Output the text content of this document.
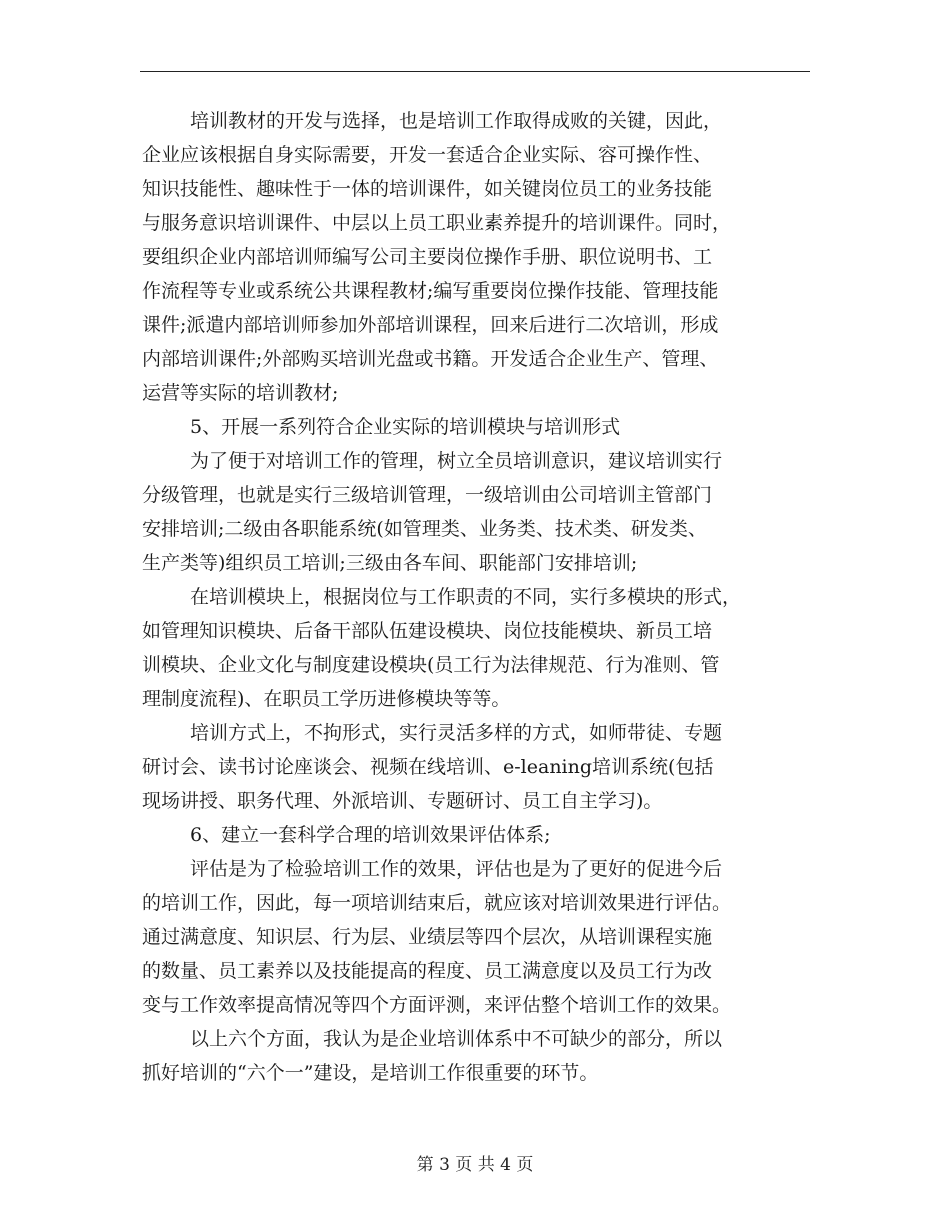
培训教材的开发与选择，也是培训工作取得成败的关键，因此，
企业应该根据自身实际需要，开发一套适合企业实际、容可操作性、
知识技能性、趣味性于一体的培训课件，如关键岗位员工的业务技能
与服务意识培训课件、中层以上员工职业素养提升的培训课件。同时，
要组织企业内部培训师编写公司主要岗位操作手册、职位说明书、工
作流程等专业或系统公共课程教材;编写重要岗位操作技能、管理技能
课件;派遣内部培训师参加外部培训课程，回来后进行二次培训，形成
内部培训课件;外部购买培训光盘或书籍。开发适合企业生产、管理、
运营等实际的培训教材;
5、开展一系列符合企业实际的培训模块与培训形式
为了便于对培训工作的管理，树立全员培训意识，建议培训实行
分级管理，也就是实行三级培训管理，一级培训由公司培训主管部门
安排培训;二级由各职能系统(如管理类、业务类、技术类、研发类、
生产类等)组织员工培训;三级由各车间、职能部门安排培训;
在培训模块上，根据岗位与工作职责的不同，实行多模块的形式，
如管理知识模块、后备干部队伍建设模块、岗位技能模块、新员工培
训模块、企业文化与制度建设模块(员工行为法律规范、行为准则、管
理制度流程)、在职员工学历进修模块等等。
培训方式上，不拘形式，实行灵活多样的方式，如师带徒、专题
研讨会、读书讨论座谈会、视频在线培训、e-leaning培训系统(包括
现场讲授、职务代理、外派培训、专题研讨、员工自主学习)。
6、建立一套科学合理的培训效果评估体系;
评估是为了检验培训工作的效果，评估也是为了更好的促进今后
的培训工作，因此，每一项培训结束后，就应该对培训效果进行评估。
通过满意度、知识层、行为层、业绩层等四个层次，从培训课程实施
的数量、员工素养以及技能提高的程度、员工满意度以及员工行为改
变与工作效率提高情况等四个方面评测，来评估整个培训工作的效果。
以上六个方面，我认为是企业培训体系中不可缺少的部分，所以
抓好培训的“六个一”建设，是培训工作很重要的环节。
第 3 页 共 4 页
